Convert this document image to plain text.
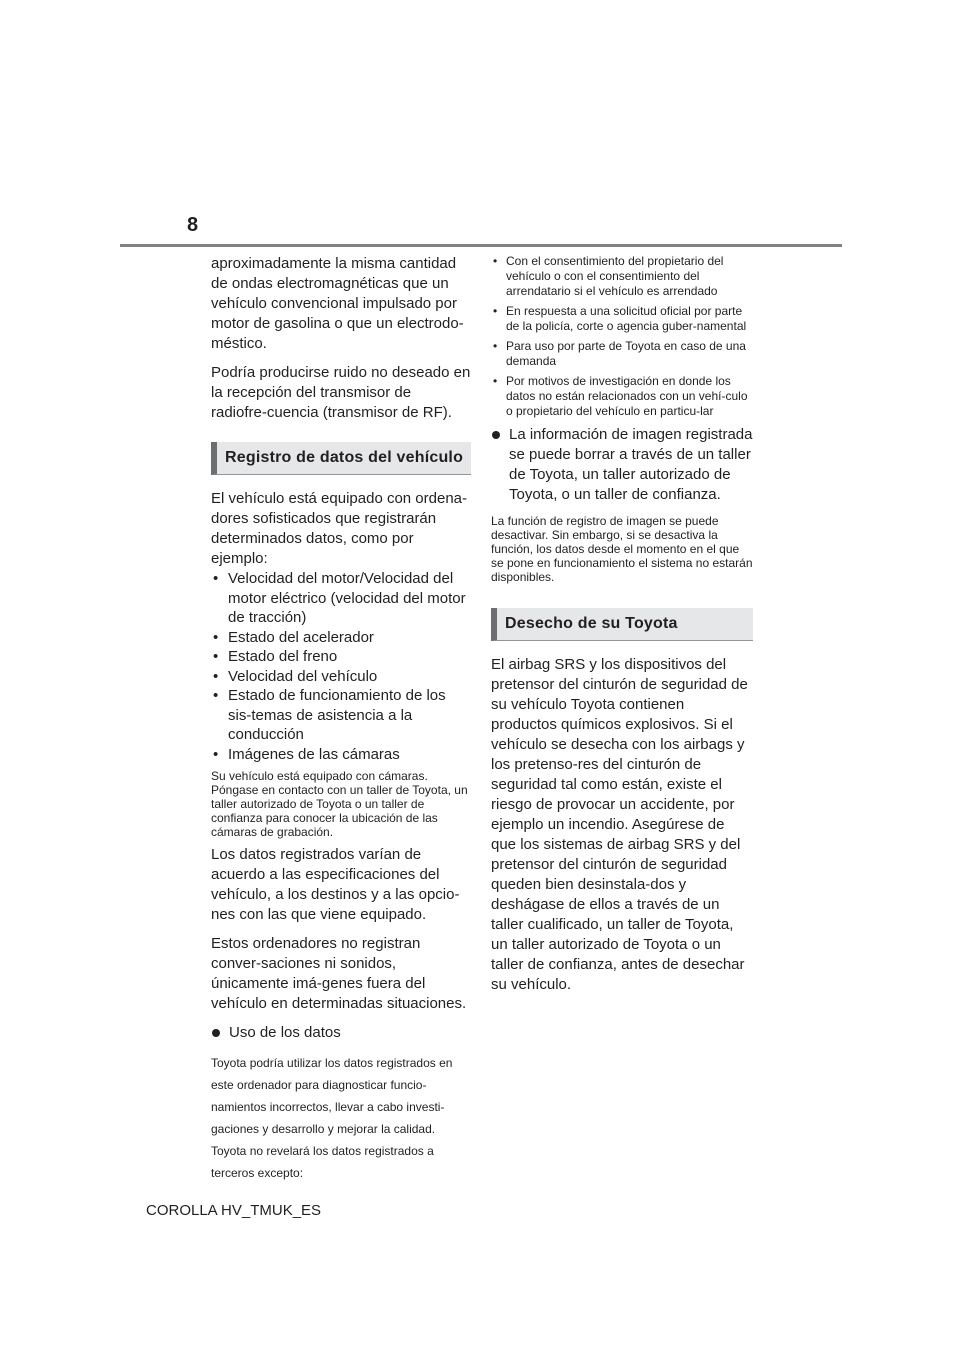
8

aproximadamente la misma cantidad de ondas electromagnéticas que un vehículo convencional impulsado por motor de gasolina o que un electrodo-méstico.

Podría producirse ruido no deseado en la recepción del transmisor de radiofre-cuencia (transmisor de RF).

Registro de datos del vehículo

El vehículo está equipado con ordena-dores sofisticados que registrarán determinados datos, como por ejemplo:

• Velocidad del motor/Velocidad del motor eléctrico (velocidad del motor de tracción)
• Estado del acelerador
• Estado del freno
• Velocidad del vehículo
• Estado de funcionamiento de los sis-temas de asistencia a la conducción
• Imágenes de las cámaras

Su vehículo está equipado con cámaras. Póngase en contacto con un taller de Toyota, un taller autorizado de Toyota o un taller de confianza para conocer la ubicación de las cámaras de grabación.

Los datos registrados varían de acuerdo a las especificaciones del vehículo, a los destinos y a las opcio-nes con las que viene equipado.

Estos ordenadores no registran conver-saciones ni sonidos, únicamente imá-genes fuera del vehículo en determinadas situaciones.

Uso de los datos

Toyota podría utilizar los datos registrados en este ordenador para diagnosticar funcio-namientos incorrectos, llevar a cabo investi-gaciones y desarrollo y mejorar la calidad.

Toyota no revelará los datos registrados a terceros excepto:

• Con el consentimiento del propietario del vehículo o con el consentimiento del arrendatario si el vehículo es arrendado
• En respuesta a una solicitud oficial por parte de la policía, corte o agencia guber-namental
• Para uso por parte de Toyota en caso de una demanda
• Por motivos de investigación en donde los datos no están relacionados con un vehí-culo o propietario del vehículo en particu-lar
La información de imagen registrada se puede borrar a través de un taller de Toyota, un taller autorizado de Toyota, o un taller de confianza.

La función de registro de imagen se puede desactivar. Sin embargo, si se desactiva la función, los datos desde el momento en el que se pone en funcionamiento el sistema no estarán disponibles.

Desecho de su Toyota

El airbag SRS y los dispositivos del pretensor del cinturón de seguridad de su vehículo Toyota contienen productos químicos explosivos. Si el vehículo se desecha con los airbags y los pretenso-res del cinturón de seguridad tal como están, existe el riesgo de provocar un accidente, por ejemplo un incendio. Asegúrese de que los sistemas de airbag SRS y del pretensor del cinturón de seguridad queden bien desinstala-dos y deshágase de ellos a través de un taller cualificado, un taller de Toyota, un taller autorizado de Toyota o un taller de confianza, antes de desechar su vehículo.

COROLLA HV_TMUK_ES
